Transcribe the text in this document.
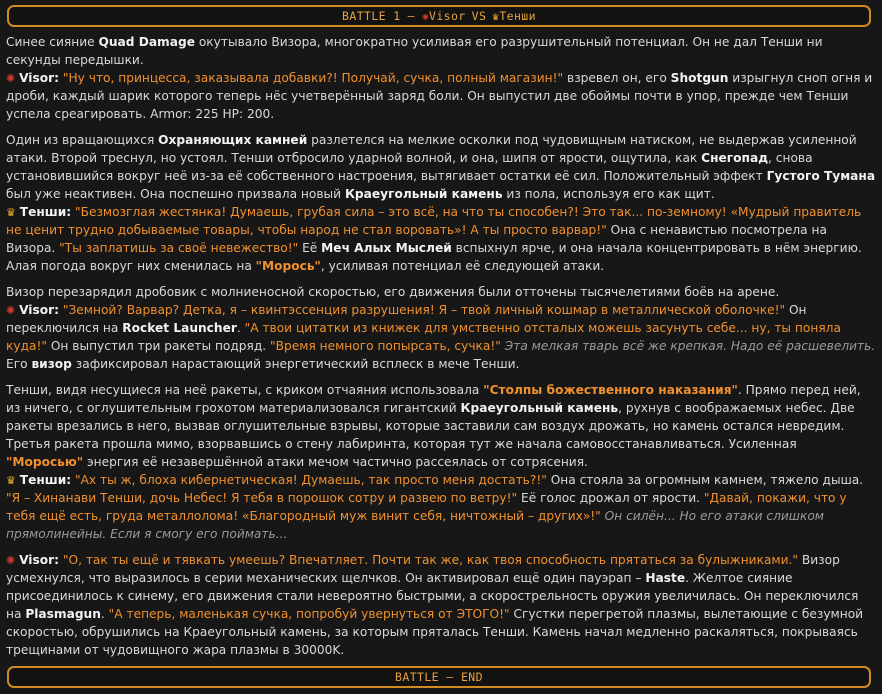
BATTLE 1 – ✺ Visor VS ♛ Тенши

Синее сияние Quad Damage окутывало Визора, многократно усиливая его разрушительный потенциал. Он не дал Тенши ни секунды передышки.

✺ Visor: "Ну что, принцесса, заказывала добавки?! Получай, сучка, полный магазин!" взревел он, его Shotgun изрыгнул сноп огня и дроби, каждый шарик которого теперь нёс учетверённый заряд боли. Он выпустил две обоймы почти в упор, прежде чем Тенши успела среагировать. Armor: 225 HP: 200.

Один из вращающихся Охраняющих камней разлетелся на мелкие осколки под чудовищным натиском, не выдержав усиленной атаки. Второй треснул, но устоял. Тенши отбросило ударной волной, и она, шипя от ярости, ощутила, как Снегопад, снова установившийся вокруг неё из-за её собственного настроения, вытягивает остатки её сил. Положительный эффект Густого Тумана был уже неактивен. Она поспешно призвала новый Краеугольный камень из пола, используя его как щит.

♛ Тенши: "Безмозглая жестянка! Думаешь, грубая сила – это всё, на что ты способен?! Это так... по-земному! «Мудрый правитель не ценит трудно добываемые товары, чтобы народ не стал воровать»! А ты просто варвар!" Она с ненавистью посмотрела на Визора. "Ты заплатишь за своё невежество!" Её Меч Алых Мыслей вспыхнул ярче, и она начала концентрировать в нём энергию. Алая погода вокруг них сменилась на "Морось", усиливая потенциал её следующей атаки.

Визор перезарядил дробовик с молниеносной скоростью, его движения были отточены тысячелетиями боёв на арене.

✺ Visor: "Земной? Варвар? Детка, я – квинтэссенция разрушения! Я – твой личный кошмар в металлической оболочке!" Он переключился на Rocket Launcher. "А твои цитатки из книжек для умственно отсталых можешь засунуть себе... ну, ты поняла куда!" Он выпустил три ракеты подряд. "Время немного попырсать, сучка!" Эта мелкая тварь всё же крепкая. Надо её расшевелить. Его визор зафиксировал нарастающий энергетический всплеск в мече Тенши.

Тенши, видя несущиеся на неё ракеты, с криком отчаяния использовала "Столпы божественного наказания". Прямо перед ней, из ничего, с оглушительным грохотом материализовался гигантский Краеугольный камень, рухнув с воображаемых небес. Две ракеты врезались в него, вызвав оглушительные взрывы, которые заставили сам воздух дрожать, но камень остался невредим. Третья ракета прошла мимо, взорвавшись о стену лабиринта, которая тут же начала самовосстанавливаться. Усиленная "Моросью" энергия её незавершённой атаки мечом частично рассеялась от сотрясения.

♛ Тенши: "Ах ты ж, блоха кибернетическая! Думаешь, так просто меня достать?!" Она стояла за огромным камнем, тяжело дыша. "Я – Хинанави Тенши, дочь Небес! Я тебя в порошок сотру и развею по ветру!" Её голос дрожал от ярости. "Давай, покажи, что у тебя ещё есть, груда металлолома! «Благородный муж винит себя, ничтожный – других»!" Он силён... Но его атаки слишком прямолинейны. Если я смогу его поймать...

✺ Visor: "О, так ты ещё и тявкать умеешь? Впечатляет. Почти так же, как твоя способность прятаться за булыжниками." Визор усмехнулся, что выразилось в серии механических щелчков. Он активировал ещё один пауэрап – Haste. Желтое сияние присоединилось к синему, его движения стали невероятно быстрыми, а скорострельность оружия увеличилась. Он переключился на Plasmagun. "А теперь, маленькая сучка, попробуй увернуться от ЭТОГО!" Сгустки перегретой плазмы, вылетающие с безумной скоростью, обрушились на Краеугольный камень, за которым пряталась Тенши. Камень начал медленно раскаляться, покрываясь трещинами от чудовищного жара плазмы в 30000K.

BATTLE – END
